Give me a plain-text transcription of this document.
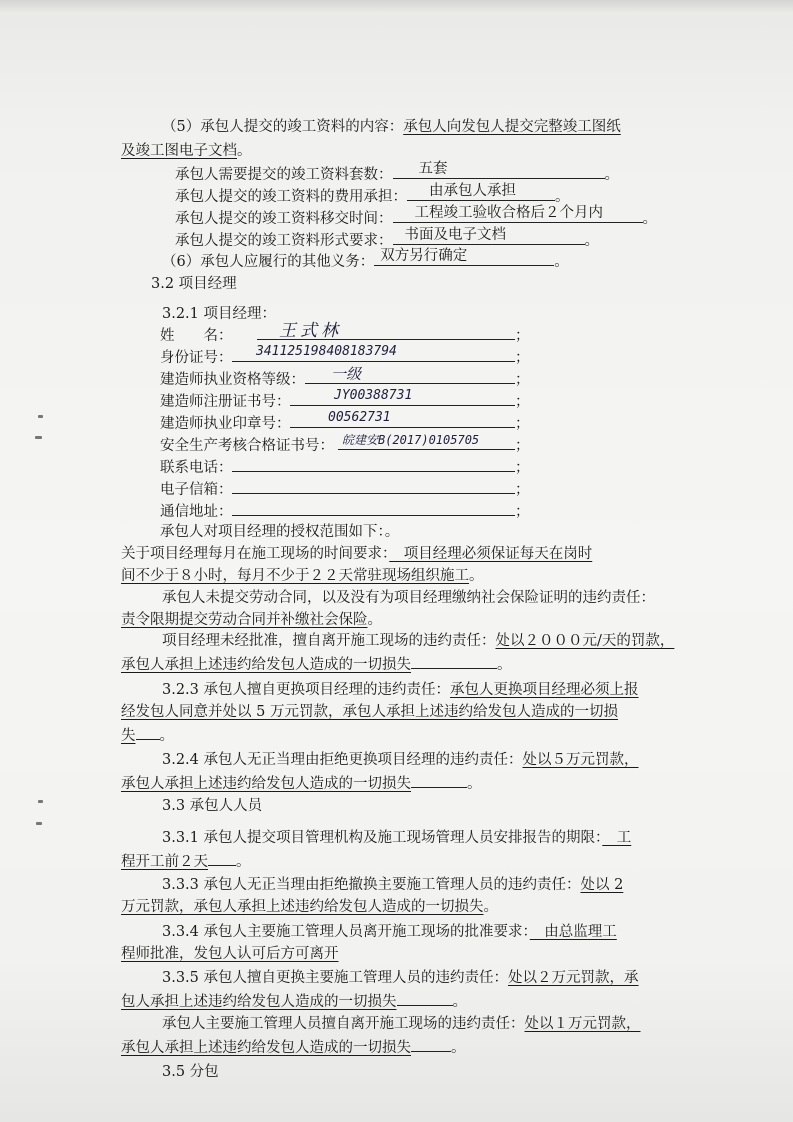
（5）承包人提交的竣工资料的内容：承包人向发包人提交完整竣工图纸
及竣工图电子文档。
承包人需要提交的竣工资料套数：	五套	。
承包人提交的竣工资料的费用承担：	由承包人承担	。
承包人提交的竣工资料移交时间：	工程竣工验收合格后２个月内	。
承包人提交的竣工资料形式要求： 书面及电子文档	。
（6）承包人应履行的其他义务： 双方另行确定	。
3.2 项目经理
3.2.1 项目经理：
姓　　名：	王式林	；
身份证号：	341125198408183794	；
建造师执业资格等级：	一级	；
建造师注册证书号：	JY00388731	；
建造师执业印章号：	00562731	；
安全生产考核合格证书号： 皖建安B(2017)0105705	；
联系电话：	；
电子信箱：	；
通信地址：	；
承包人对项目经理的授权范围如下：。
关于项目经理每月在施工现场的时间要求：　项目经理必须保证每天在岗时
间不少于８小时，每月不少于２２天常驻现场组织施工。
承包人未提交劳动合同，以及没有为项目经理缴纳社会保险证明的违约责任：
责令限期提交劳动合同并补缴社会保险。
项目经理未经批准，擅自离开施工现场的违约责任：处以２０００元/天的罚款，
承包人承担上述违约给发包人造成的一切损失	。
3.2.3 承包人擅自更换项目经理的违约责任：承包人更换项目经理必须上报
经发包人同意并处以 5 万元罚款，承包人承担上述违约给发包人造成的一切损
失 。
3.2.4 承包人无正当理由拒绝更换项目经理的违约责任：处以５万元罚款，
承包人承担上述违约给发包人造成的一切损失	。
3.3 承包人人员
3.3.1 承包人提交项目管理机构及施工现场管理人员安排报告的期限：　工
程开工前２天 。
3.3.3 承包人无正当理由拒绝撤换主要施工管理人员的违约责任：处以 2
万元罚款，承包人承担上述违约给发包人造成的一切损失。
3.3.4 承包人主要施工管理人员离开施工现场的批准要求：　由总监理工
程师批准，发包人认可后方可离开
3.3.5 承包人擅自更换主要施工管理人员的违约责任：处以２万元罚款，承
包人承担上述违约给发包人造成的一切损失	。
承包人主要施工管理人员擅自离开施工现场的违约责任：处以１万元罚款，
承包人承担上述违约给发包人造成的一切损失	。
3.5 分包
